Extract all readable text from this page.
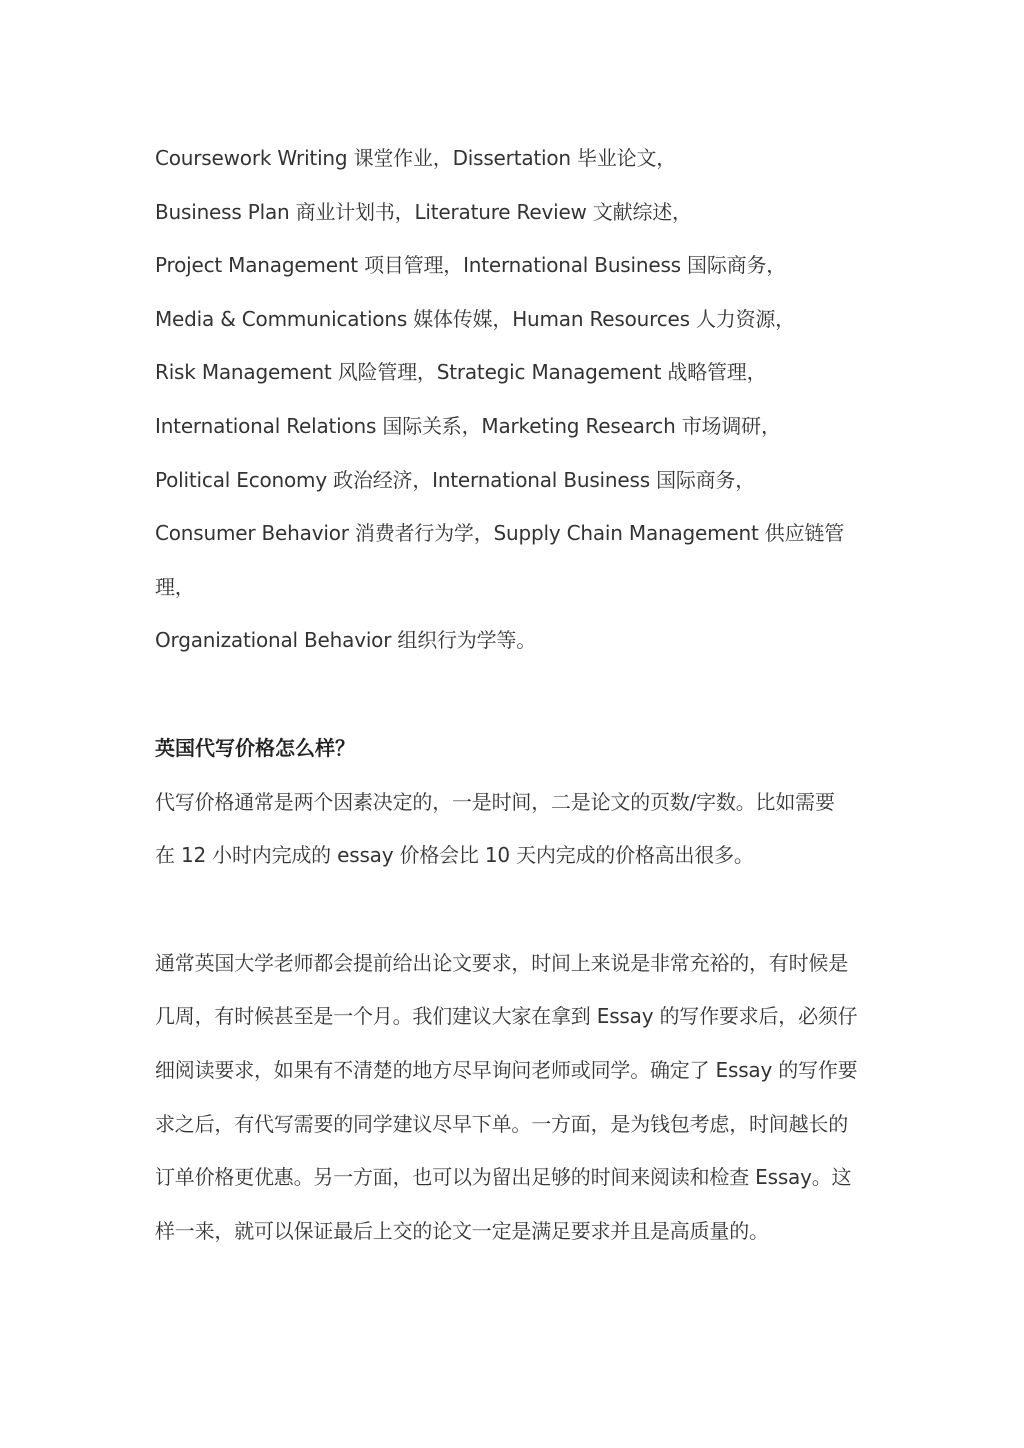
Coursework Writing 课堂作业，Dissertation 毕业论文，
Business Plan 商业计划书，Literature Review 文献综述，
Project Management 项目管理，International Business 国际商务，
Media & Communications 媒体传媒，Human Resources 人力资源，
Risk Management 风险管理，Strategic Management 战略管理，
International Relations 国际关系，Marketing Research 市场调研，
Political Economy 政治经济，International Business 国际商务，
Consumer Behavior 消费者行为学，Supply Chain Management 供应链管
理，
Organizational Behavior 组织行为学等。
英国代写价格怎么样？
代写价格通常是两个因素决定的，一是时间，二是论文的页数/字数。比如需要
在 12 小时内完成的 essay 价格会比 10 天内完成的价格高出很多。
通常英国大学老师都会提前给出论文要求，时间上来说是非常充裕的，有时候是
几周，有时候甚至是一个月。我们建议大家在拿到 Essay 的写作要求后，必须仔
细阅读要求，如果有不清楚的地方尽早询问老师或同学。确定了 Essay 的写作要
求之后，有代写需要的同学建议尽早下单。一方面，是为钱包考虑，时间越长的
订单价格更优惠。另一方面，也可以为留出足够的时间来阅读和检查 Essay。这
样一来，就可以保证最后上交的论文一定是满足要求并且是高质量的。
